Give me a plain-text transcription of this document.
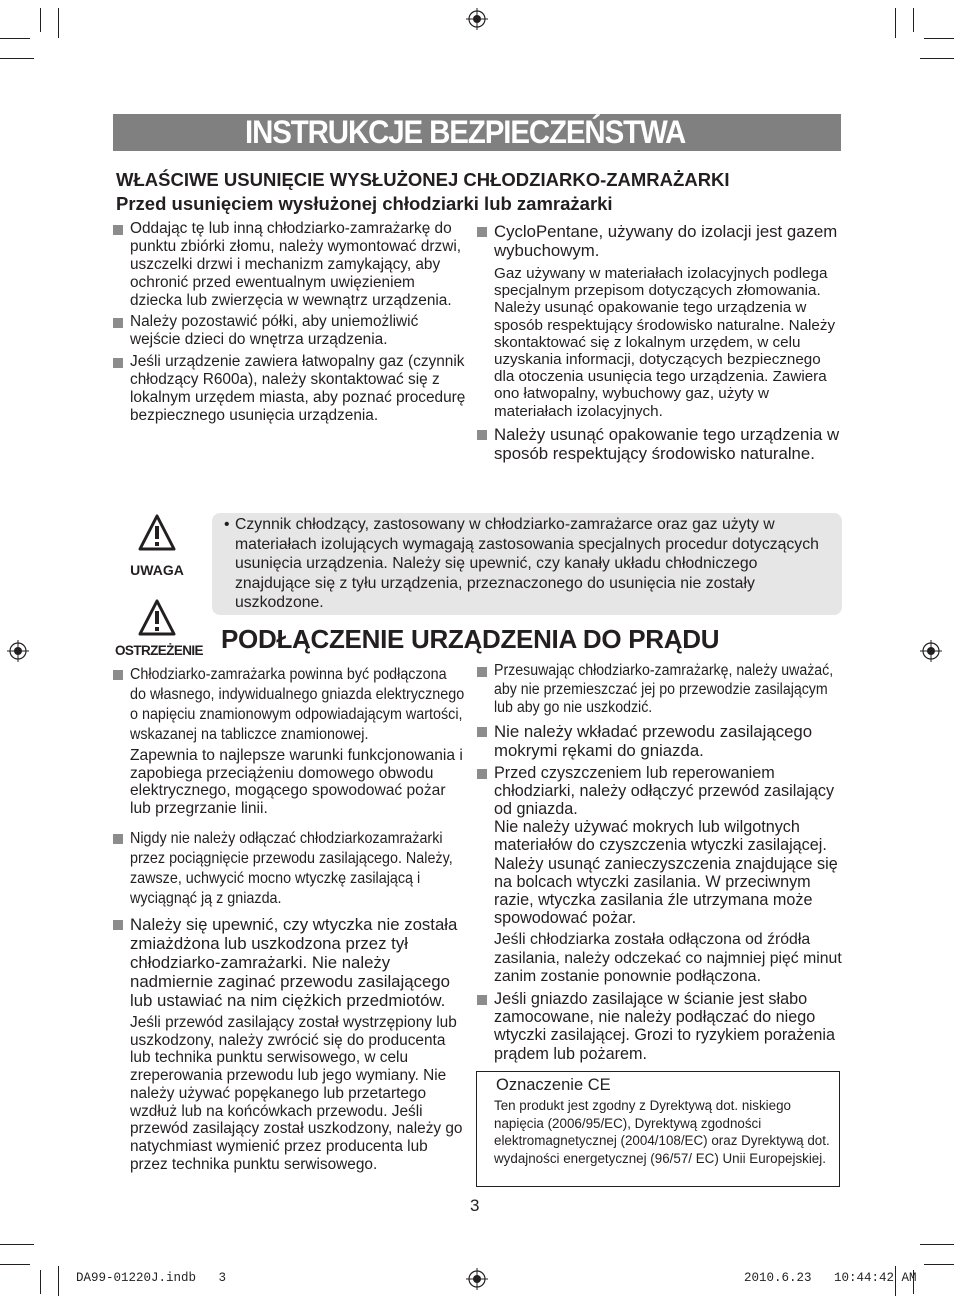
INSTRUKCJE BEZPIECZEŃSTWA
WŁAŚCIWE USUNIĘCIE WYSŁUŻONEJ CHŁODZIARKO-ZAMRAŻARKI
Przed usunięciem wysłużonej chłodziarki lub zamrażarki
Oddając tę lub inną chłodziarko-zamrażarkę do punktu zbiórki złomu, należy wymontować drzwi, uszczelki drzwi i mechanizm zamykający, aby ochronić przed ewentualnym uwięzieniem dziecka lub zwierzęcia w wewnątrz urządzenia.
Należy pozostawić półki, aby uniemożliwić wejście dzieci do wnętrza urządzenia.
Jeśli urządzenie zawiera łatwopalny gaz (czynnik chłodzący R600a), należy skontaktować się z lokalnym urzędem miasta, aby poznać procedurę bezpiecznego usunięcia urządzenia.
CycloPentane, używany do izolacji jest gazem wybuchowym.
Gaz używany w materiałach izolacyjnych podlega specjalnym przepisom dotyczących złomowania. Należy usunąć opakowanie tego urządzenia w sposób respektujący środowisko naturalne. Należy skontaktować się z lokalnym urzędem, w celu uzyskania informacji, dotyczących bezpiecznego dla otoczenia usunięcia tego urządzenia. Zawiera ono łatwopalny, wybuchowy gaz, użyty w materiałach izolacyjnych.
Należy usunąć opakowanie tego urządzenia w sposób respektujący środowisko naturalne.
UWAGA
OSTRZEŻENIE

• Czynnik chłodzący, zastosowany w chłodziarko-zamrażarce oraz gaz użyty w materiałach izolujących wymagają zastosowania specjalnych procedur dotyczących usunięcia urządzenia. Należy się upewnić, czy kanały układu chłodniczego znajdujące się z tyłu urządzenia, przeznaczonego do usunięcia nie zostały uszkodzone.

PODŁĄCZENIE URZĄDZENIA DO PRĄDU
Chłodziarko-zamrażarka powinna być podłączona do własnego, indywidualnego gniazda elektrycznego o napięciu znamionowym odpowiadającym wartości, wskazanej na tabliczce znamionowej.
Zapewnia to najlepsze warunki funkcjonowania i zapobiega przeciążeniu domowego obwodu elektrycznego, mogącego spowodować pożar lub przegrzanie linii.
Nigdy nie należy odłączać chłodziarkozamrażarki przez pociągnięcie przewodu zasilającego. Należy, zawsze, uchwycić mocno wtyczkę zasilającą i wyciągnąć ją z gniazda.
Należy się upewnić, czy wtyczka nie została zmiażdżona lub uszkodzona przez tył chłodziarko-zamrażarki. Nie należy nadmiernie zaginać przewodu zasilającego lub ustawiać na nim ciężkich przedmiotów.
Jeśli przewód zasilający został wystrzępiony lub uszkodzony, należy zwrócić się do producenta lub technika punktu serwisowego, w celu zreperowania przewodu lub jego wymiany. Nie należy używać popękanego lub przetartego wzdłuż lub na końcówkach przewodu. Jeśli przewód zasilający został uszkodzony, należy go natychmiast wymienić przez producenta lub przez technika punktu serwisowego.
Przesuwając chłodziarko-zamrażarkę, należy uważać, aby nie przemieszczać jej po przewodzie zasilającym lub aby go nie uszkodzić.
Nie należy wkładać przewodu zasilającego mokrymi rękami do gniazda.
Przed czyszczeniem lub reperowaniem chłodziarki, należy odłączyć przewód zasilający od gniazda.
Nie należy używać mokrych lub wilgotnych materiałów do czyszczenia wtyczki zasilającej. Należy usunąć zanieczyszczenia znajdujące się na bolcach wtyczki zasilania. W przeciwnym razie, wtyczka zasilania źle utrzymana może spowodować pożar.
Jeśli chłodziarka została odłączona od źródła zasilania, należy odczekać co najmniej pięć minut zanim zostanie ponownie podłączona.
Jeśli gniazdo zasilające w ścianie jest słabo zamocowane, nie należy podłączać do niego wtyczki zasilającej. Grozi to ryzykiem porażenia prądem lub pożarem.
Oznaczenie CE
Ten produkt jest zgodny z Dyrektywą dot. niskiego napięcia (2006/95/EC), Dyrektywą zgodności elektromagnetycznej (2004/108/EC) oraz Dyrektywą dot. wydajności energetycznej (96/57/ EC) Unii Europejskiej.
3
DA99-01220J.indb   3	2010.6.23   10:44:42 AM
